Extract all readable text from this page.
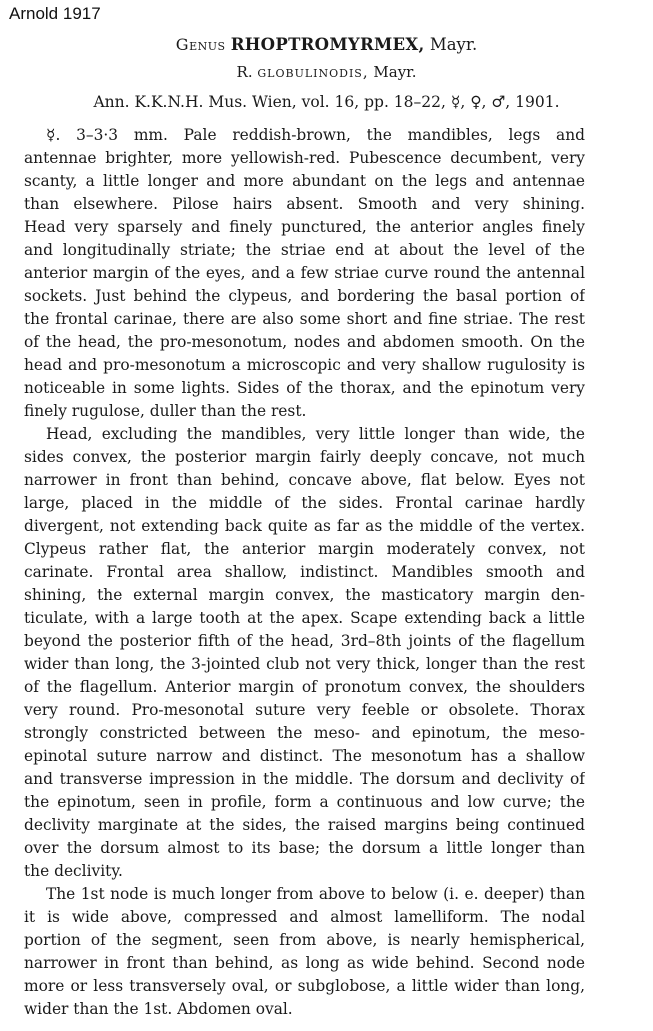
Arnold 1917
Genus RHOPTROMYRMEX, Mayr.
R. globulinodis, Mayr.
Ann. K.K.N.H. Mus. Wien, vol. 16, pp. 18–22, ☿, ♀, ♂, 1901.
☿. 3–3·3 mm. Pale reddish-brown, the mandibles, legs and
antennae brighter, more yellowish-red. Pubescence decumbent, very
scanty, a little longer and more abundant on the legs and antennae
than elsewhere. Pilose hairs absent. Smooth and very shining.
Head very sparsely and finely punctured, the anterior angles finely
and longitudinally striate; the striae end at about the level of the
anterior margin of the eyes, and a few striae curve round the antennal
sockets. Just behind the clypeus, and bordering the basal portion of
the frontal carinae, there are also some short and fine striae. The rest
of the head, the pro-mesonotum, nodes and abdomen smooth. On the
head and pro-mesonotum a microscopic and very shallow rugulosity is
noticeable in some lights. Sides of the thorax, and the epinotum very
finely rugulose, duller than the rest.
Head, excluding the mandibles, very little longer than wide, the
sides convex, the posterior margin fairly deeply concave, not much
narrower in front than behind, concave above, flat below. Eyes not
large, placed in the middle of the sides. Frontal carinae hardly
divergent, not extending back quite as far as the middle of the vertex.
Clypeus rather flat, the anterior margin moderately convex, not
carinate. Frontal area shallow, indistinct. Mandibles smooth and
shining, the external margin convex, the masticatory margin den-
ticulate, with a large tooth at the apex. Scape extending back a little
beyond the posterior fifth of the head, 3rd–8th joints of the flagellum
wider than long, the 3-jointed club not very thick, longer than the rest
of the flagellum. Anterior margin of pronotum convex, the shoulders
very round. Pro-mesonotal suture very feeble or obsolete. Thorax
strongly constricted between the meso- and epinotum, the meso-
epinotal suture narrow and distinct. The mesonotum has a shallow
and transverse impression in the middle. The dorsum and declivity of
the epinotum, seen in profile, form a continuous and low curve; the
declivity marginate at the sides, the raised margins being continued
over the dorsum almost to its base; the dorsum a little longer than
the declivity.
The 1st node is much longer from above to below (i. e. deeper) than
it is wide above, compressed and almost lamelliform. The nodal
portion of the segment, seen from above, is nearly hemispherical,
narrower in front than behind, as long as wide behind. Second node
more or less transversely oval, or subglobose, a little wider than long,
wider than the 1st. Abdomen oval.
